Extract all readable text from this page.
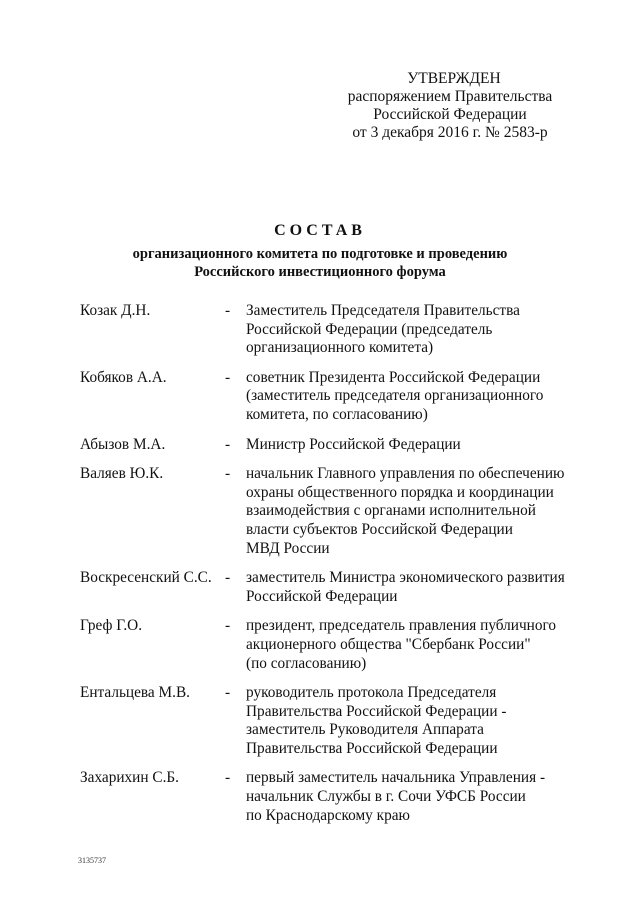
УТВЕРЖДЕН
распоряжением Правительства
Российской Федерации
от 3 декабря 2016 г. № 2583-р
СОСТАВ
организационного комитета по подготовке и проведению
Российского инвестиционного форума
Козак Д.Н.	- Заместитель Председателя Правительства
Российской Федерации (председатель
организационного комитета)
Кобяков А.А.	- советник Президента Российской Федерации
(заместитель председателя организационного
комитета, по согласованию)
Абызов М.А.	- Министр Российской Федерации
Валяев Ю.К.	- начальник Главного управления по обеспечению
охраны общественного порядка и координации
взаимодействия с органами исполнительной
власти субъектов Российской Федерации
МВД России
Воскресенский С.С. - заместитель Министра экономического развития
Российской Федерации
Греф Г.О.	- президент, председатель правления публичного
акционерного общества "Сбербанк России"
(по согласованию)
Ентальцева М.В.	- руководитель протокола Председателя
Правительства Российской Федерации -
заместитель Руководителя Аппарата
Правительства Российской Федерации
Захарихин С.Б.	- первый заместитель начальника Управления -
начальник Службы в г. Сочи УФСБ России
по Краснодарскому краю
3135737
